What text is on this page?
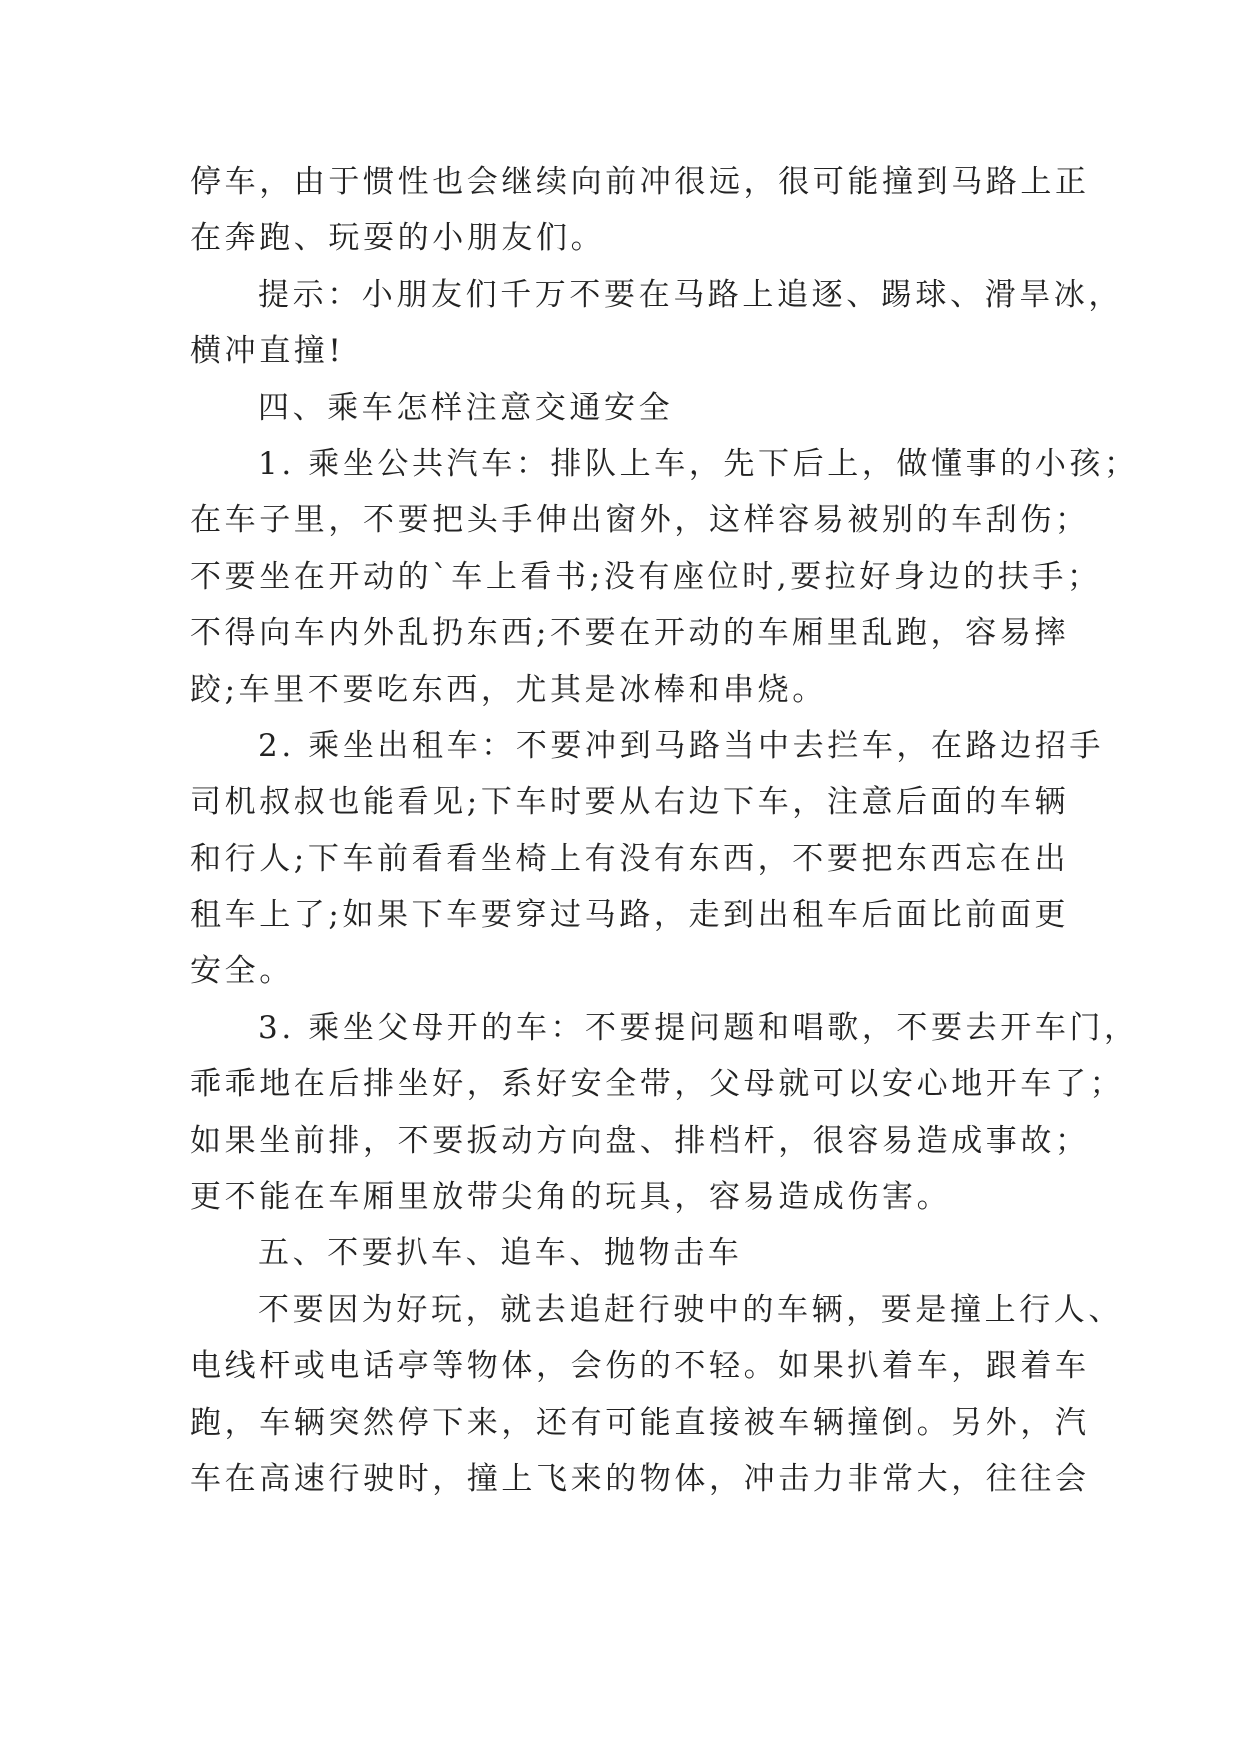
停车，由于惯性也会继续向前冲很远，很可能撞到马路上正
在奔跑、玩耍的小朋友们。
提示：小朋友们千万不要在马路上追逐、踢球、滑旱冰，
横冲直撞!
四、乘车怎样注意交通安全
1. 乘坐公共汽车：排队上车，先下后上，做懂事的小孩；
在车子里，不要把头手伸出窗外，这样容易被别的车刮伤；
不要坐在开动的`车上看书;没有座位时,要拉好身边的扶手；
不得向车内外乱扔东西;不要在开动的车厢里乱跑，容易摔
跤;车里不要吃东西，尤其是冰棒和串烧。
2. 乘坐出租车：不要冲到马路当中去拦车，在路边招手
司机叔叔也能看见;下车时要从右边下车，注意后面的车辆
和行人;下车前看看坐椅上有没有东西，不要把东西忘在出
租车上了;如果下车要穿过马路，走到出租车后面比前面更
安全。
3. 乘坐父母开的车：不要提问题和唱歌，不要去开车门，
乖乖地在后排坐好，系好安全带，父母就可以安心地开车了；
如果坐前排，不要扳动方向盘、排档杆，很容易造成事故；
更不能在车厢里放带尖角的玩具，容易造成伤害。
五、不要扒车、追车、抛物击车
不要因为好玩，就去追赶行驶中的车辆，要是撞上行人、
电线杆或电话亭等物体，会伤的不轻。如果扒着车，跟着车
跑，车辆突然停下来，还有可能直接被车辆撞倒。另外，汽
车在高速行驶时，撞上飞来的物体，冲击力非常大，往往会
